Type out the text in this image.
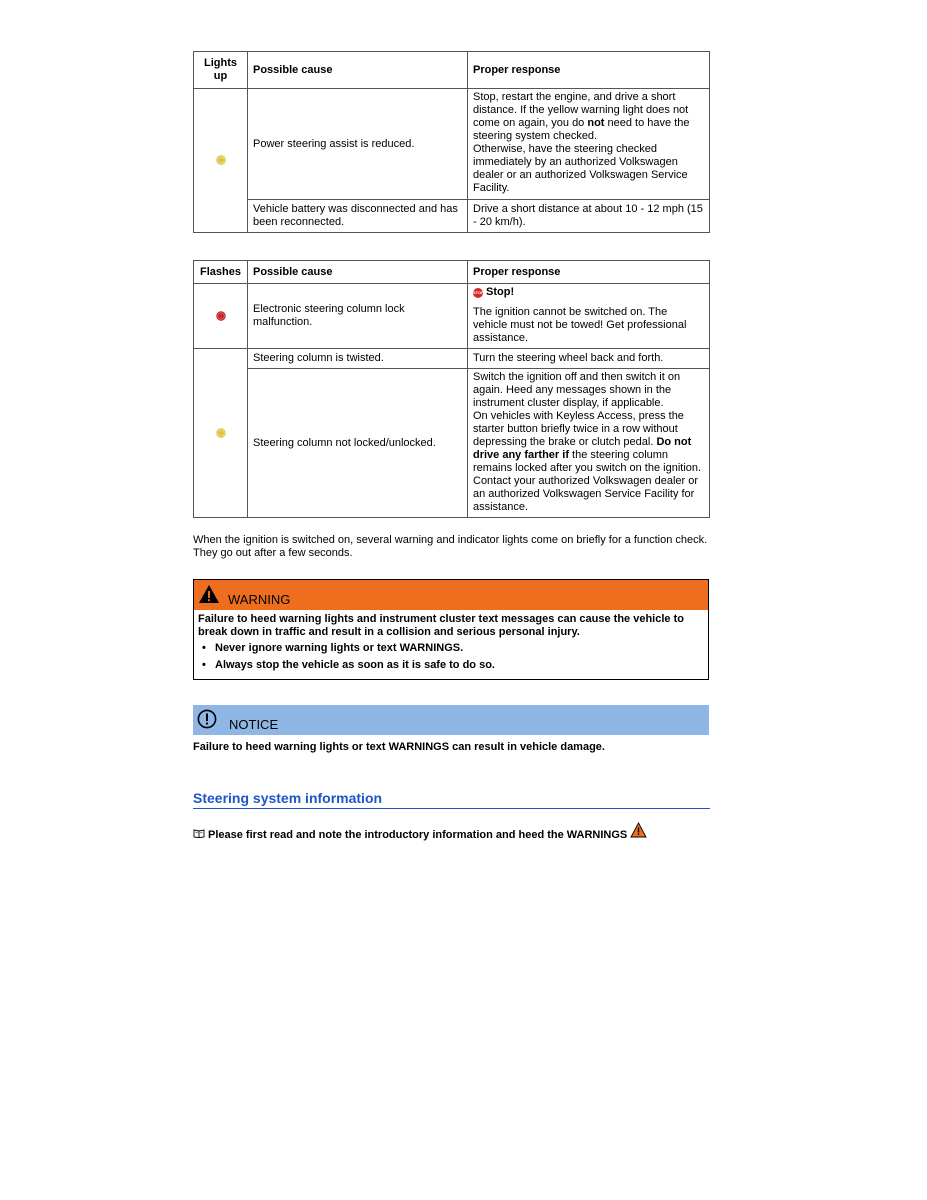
Lights up	Possible cause	Proper response
	Power steering assist is reduced.	Stop, restart the engine, and drive a short distance. If the yellow warning light does not come on again, you do not need to have the steering system checked.
Otherwise, have the steering checked immediately by an authorized Volkswagen dealer or an authorized Volkswagen Service Facility.
	Vehicle battery was disconnected and has been reconnected.	Drive a short distance at about 10 - 12 mph (15 - 20 km/h).
Flashes	Possible cause	Proper response
	Electronic steering column lock malfunction.	STOP Stop!
The ignition cannot be switched on. The vehicle must not be towed! Get professional assistance.

	Steering column is twisted.	Turn the steering wheel back and forth.
	Steering column not locked/unlocked.	Switch the ignition off and then switch it on again. Heed any messages shown in the instrument cluster display, if applicable.
On vehicles with Keyless Access, press the starter button briefly twice in a row without depressing the brake or clutch pedal. Do not drive any farther if the steering column remains locked after you switch on the ignition. Contact your authorized Volkswagen dealer or an authorized Volkswagen Service Facility for assistance.

When the ignition is switched on, several warning and indicator lights come on briefly for a function check. They go out after a few seconds.

WARNING
Failure to heed warning lights and instrument cluster text messages can cause the vehicle to break down in traffic and result in a collision and serious personal injury.
• Never ignore warning lights or text WARNINGS.
• Always stop the vehicle as soon as it is safe to do so.
NOTICE
Failure to heed warning lights or text WARNINGS can result in vehicle damage.
Steering system information
Please first read and note the introductory information and heed the WARNINGS
